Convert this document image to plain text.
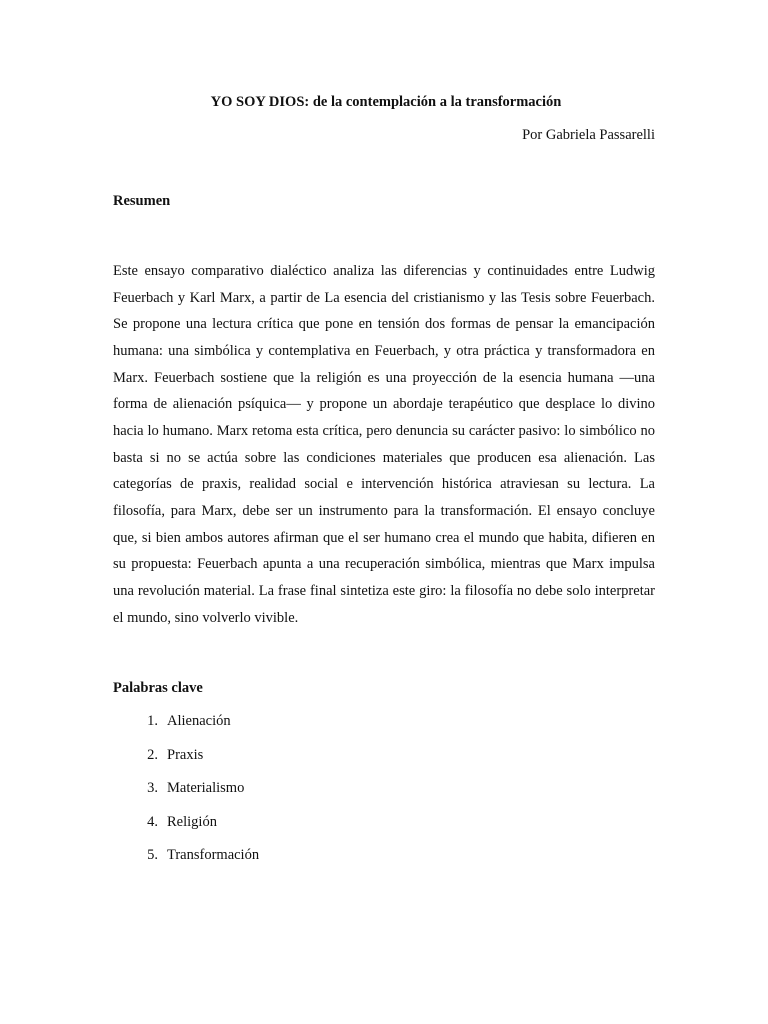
YO SOY DIOS: de la contemplación a la transformación

Por Gabriela Passarelli

Resumen

Este ensayo comparativo dialéctico analiza las diferencias y continuidades entre Ludwig Feuerbach y Karl Marx, a partir de La esencia del cristianismo y las Tesis sobre Feuerbach. Se propone una lectura crítica que pone en tensión dos formas de pensar la emancipación humana: una simbólica y contemplativa en Feuerbach, y otra práctica y transformadora en Marx. Feuerbach sostiene que la religión es una proyección de la esencia humana —una forma de alienación psíquica— y propone un abordaje terapéutico que desplace lo divino hacia lo humano. Marx retoma esta crítica, pero denuncia su carácter pasivo: lo simbólico no basta si no se actúa sobre las condiciones materiales que producen esa alienación. Las categorías de praxis, realidad social e intervención histórica atraviesan su lectura. La filosofía, para Marx, debe ser un instrumento para la transformación. El ensayo concluye que, si bien ambos autores afirman que el ser humano crea el mundo que habita, difieren en su propuesta: Feuerbach apunta a una recuperación simbólica, mientras que Marx impulsa una revolución material. La frase final sintetiza este giro: la filosofía no debe solo interpretar el mundo, sino volverlo vivible.

Palabras clave
1. Alienación
2. Praxis
3. Materialismo
4. Religión
5. Transformación
